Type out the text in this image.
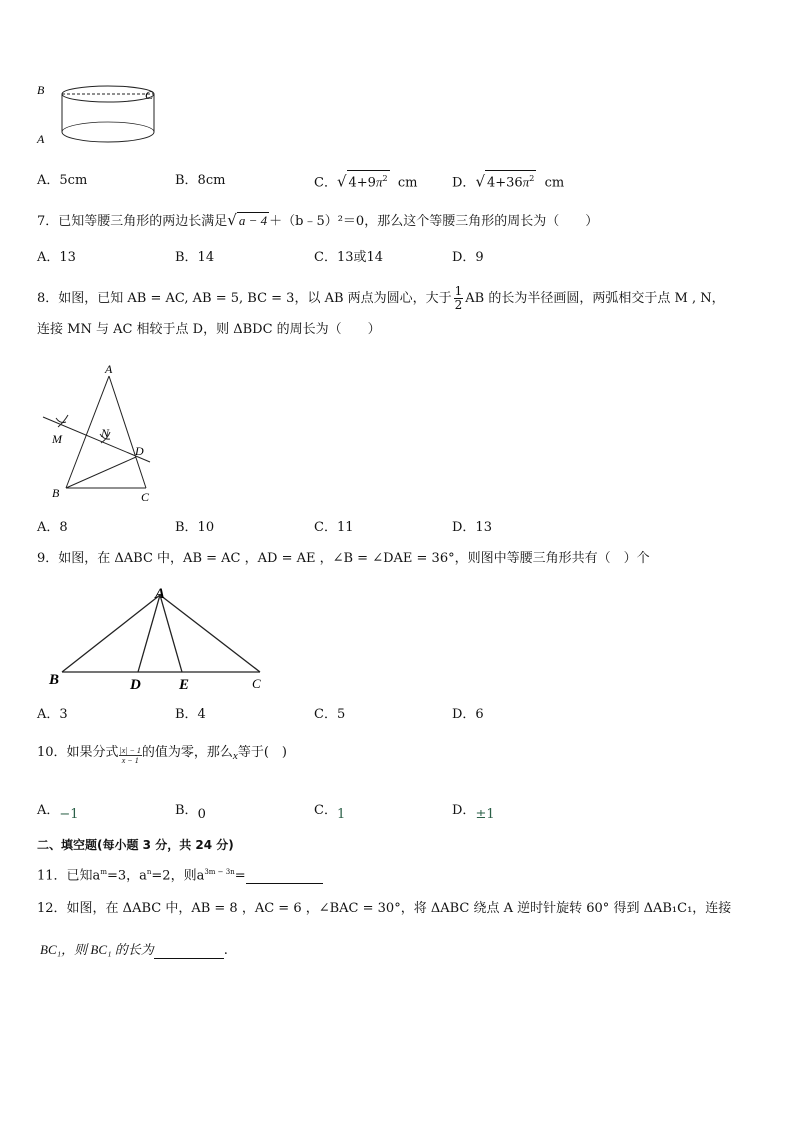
B	C
A
A．5cm	B．8cm	C．√ $4+9\pi^2$ cm	D．√ $4+36\pi^2$ cm
7．已知等腰三角形的两边长满足√ a − 4 ＋（b﹣5）²＝0，那么这个等腰三角形的周长为（　　）
A．13	B．14	C．13或14	D．9
8．如图，已知 AB = AC, AB = 5, BC = 3，以 AB 两点为圆心，大于 $\frac{1}{2}$ AB 的长为半径画圆，两弧相交于点 M , N，
连接 MN 与 AC 相较于点 D，则 ΔBDC 的周长为（　　）
A
M	N
D
B	C
A．8	B．10	C．11	D．13
9．如图，在 ΔABC 中，AB = AC ，AD = AE ，∠B = ∠DAE = 36°，则图中等腰三角形共有（　）个
A
B	D	E	C
A．3	B．4	C．5	D．6
10．如果分式 $\frac{|x| - 1}{x - 1}$ 的值为零，那么$_x$等于(　)
A．−1	B．0	C．1	D．±1
二、填空题(每小题 3 分，共 24 分)
11．已知$a^m=3$，$a^n=2$，则$a^{3m - 3n}=$
12．如图，在 ΔABC 中，AB = 8 ，AC = 6 ，∠BAC = 30°，将 ΔABC 绕点 A 逆时针旋转 60° 得到 ΔAB₁C₁，连接
BC₁，则 BC₁ 的长为	.
